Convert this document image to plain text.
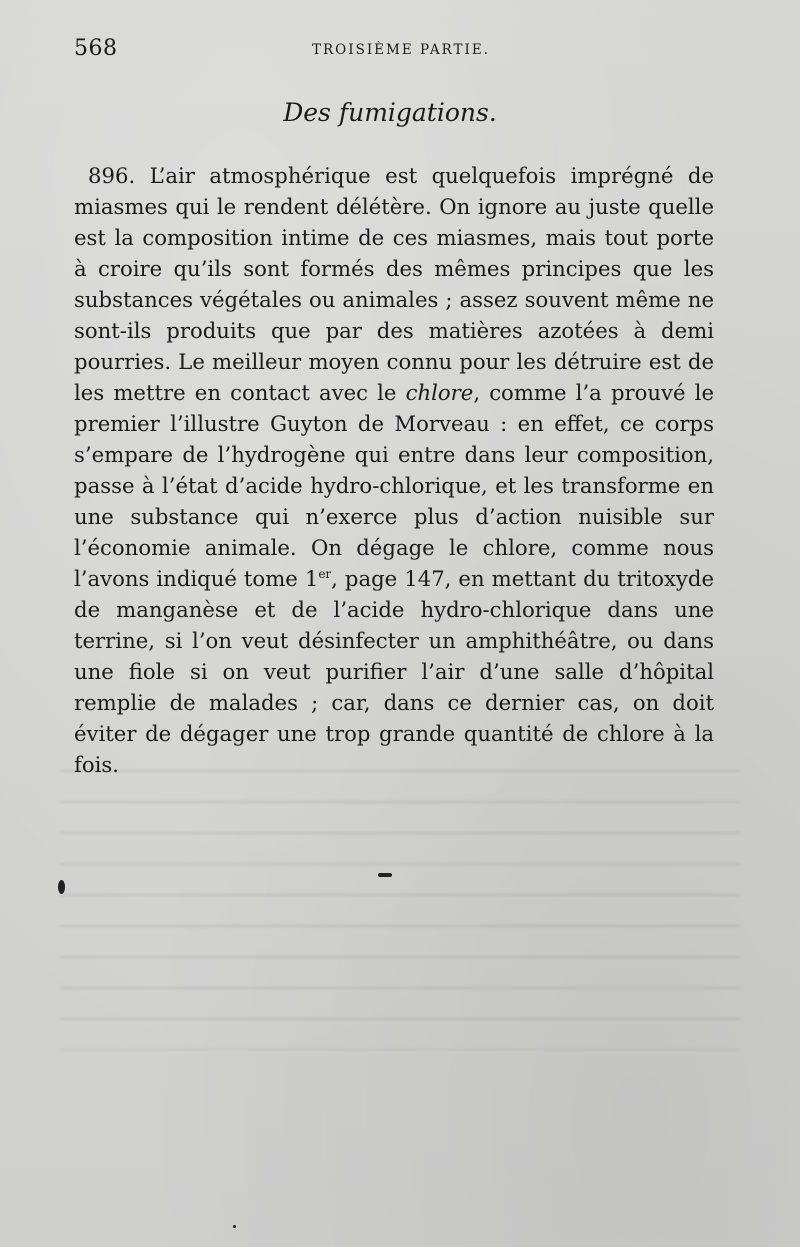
568	TROISIÈME PARTIE.
Des fumigations.

896. L’air atmosphérique est quelquefois imprégné de miasmes qui le rendent délétère. On ignore au juste quelle est la composition intime de ces miasmes, mais tout porte à croire qu’ils sont formés des mêmes principes que les substances végétales ou animales ; assez souvent même ne sont-ils produits que par des matières azotées à demi pourries. Le meilleur moyen connu pour les détruire est de les mettre en contact avec le chlore, comme l’a prouvé le premier l’illustre Guyton de Morveau : en effet, ce corps s’empare de l’hydrogène qui entre dans leur composition, passe à l’état d’acide hydro-chlorique, et les transforme en une substance qui n’exerce plus d’action nuisible sur l’économie animale. On dégage le chlore, comme nous l’avons indiqué tome 1er, page 147, en mettant du tritoxyde de manganèse et de l’acide hydro-chlorique dans une terrine, si l’on veut désinfecter un amphithéâtre, ou dans une fiole si on veut purifier l’air d’une salle d’hôpital remplie de malades ; car, dans ce dernier cas, on doit éviter de dégager une trop grande quantité de chlore à la fois.
